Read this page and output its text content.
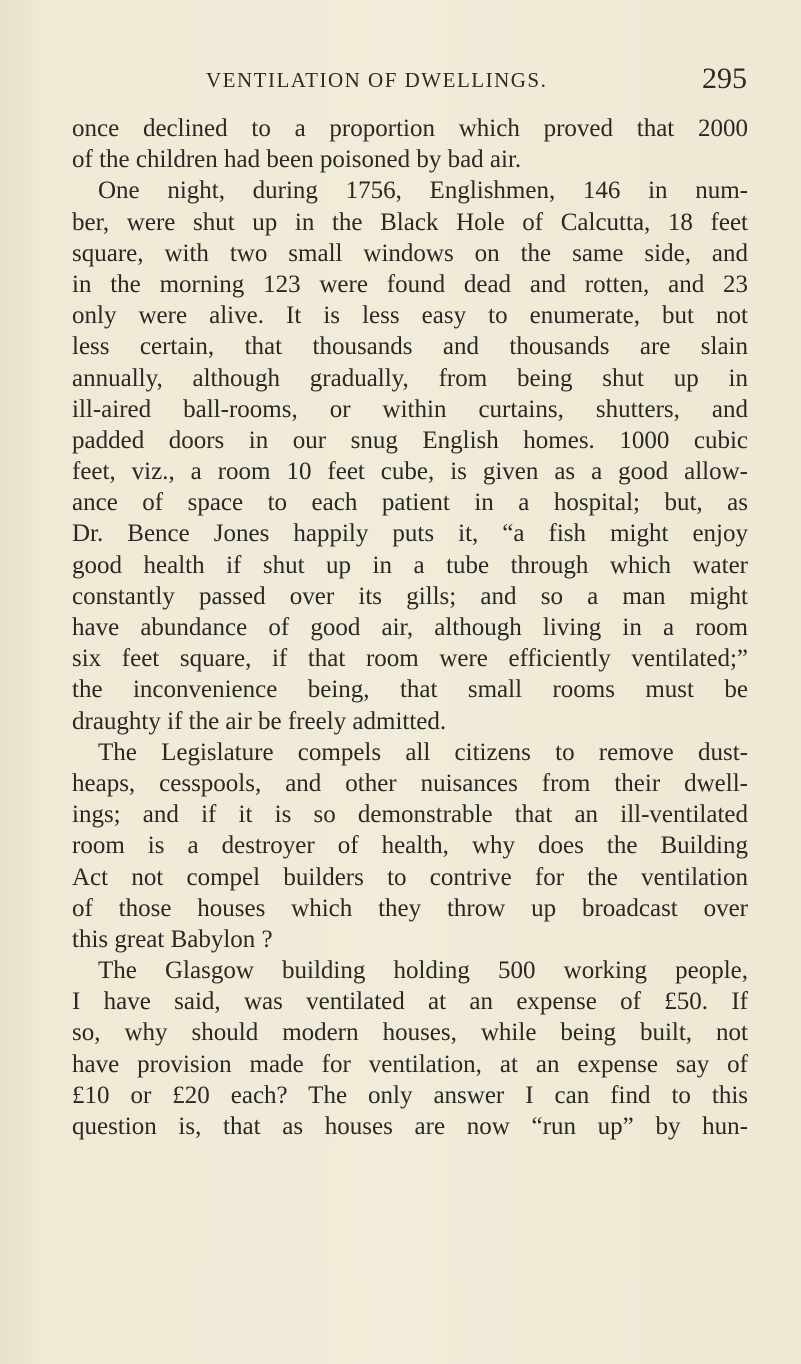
VENTILATION OF DWELLINGS.	295
once declined to a proportion which proved that 2000
of the children had been poisoned by bad air.
One night, during 1756, Englishmen, 146 in num-
ber, were shut up in the Black Hole of Calcutta, 18 feet
square, with two small windows on the same side, and
in the morning 123 were found dead and rotten, and 23
only were alive. It is less easy to enumerate, but not
less certain, that thousands and thousands are slain
annually, although gradually, from being shut up in
ill-aired ball-rooms, or within curtains, shutters, and
padded doors in our snug English homes. 1000 cubic
feet, viz., a room 10 feet cube, is given as a good allow-
ance of space to each patient in a hospital; but, as
Dr. Bence Jones happily puts it, “a fish might enjoy
good health if shut up in a tube through which water
constantly passed over its gills; and so a man might
have abundance of good air, although living in a room
six feet square, if that room were efficiently ventilated;”
the inconvenience being, that small rooms must be
draughty if the air be freely admitted.
The Legislature compels all citizens to remove dust-
heaps, cesspools, and other nuisances from their dwell-
ings; and if it is so demonstrable that an ill-ventilated
room is a destroyer of health, why does the Building
Act not compel builders to contrive for the ventilation
of those houses which they throw up broadcast over
this great Babylon ?
The Glasgow building holding 500 working people,
I have said, was ventilated at an expense of £50. If
so, why should modern houses, while being built, not
have provision made for ventilation, at an expense say of
£10 or £20 each? The only answer I can find to this
question is, that as houses are now “run up” by hun-
